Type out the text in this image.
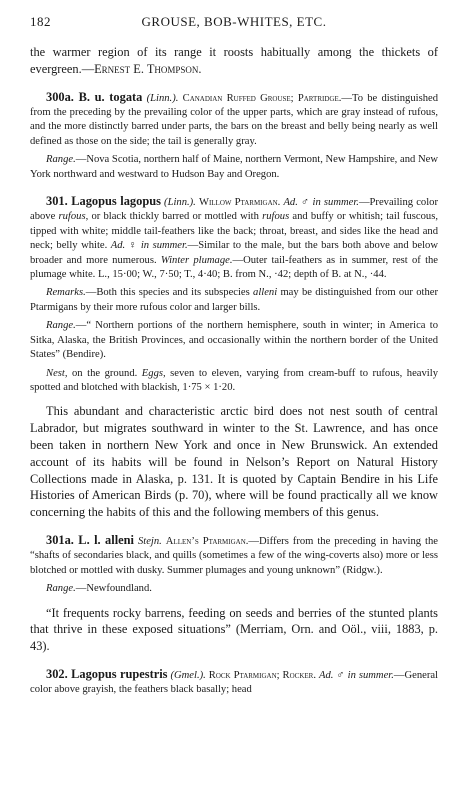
182	GROUSE, BOB-WHITES, ETC.

the warmer region of its range it roosts habitually among the thickets of evergreen.—Ernest E. Thompson.

300a. B. u. togata (Linn.). Canadian Ruffed Grouse; Partridge.—To be distinguished from the preceding by the prevailing color of the upper parts, which are gray instead of rufous, and the more distinctly barred under parts, the bars on the breast and belly being nearly as well defined as those on the side; the tail is generally gray.

Range.—Nova Scotia, northern half of Maine, northern Vermont, New Hampshire, and New York northward and westward to Hudson Bay and Oregon.

301. Lagopus lagopus (Linn.). Willow Ptarmigan. Ad. ♂ in summer.—Prevailing color above rufous, or black thickly barred or mottled with rufous and buffy or whitish; tail fuscous, tipped with white; middle tail-feathers like the back; throat, breast, and sides like the head and neck; belly white. Ad. ♀ in summer.—Similar to the male, but the bars both above and below broader and more numerous. Winter plumage.—Outer tail-feathers as in summer, rest of the plumage white. L., 15·00; W., 7·50; T., 4·40; B. from N., ·42; depth of B. at N., ·44.

Remarks.—Both this species and its subspecies alleni may be distinguished from our other Ptarmigans by their more rufous color and larger bills.

Range.—“ Northern portions of the northern hemisphere, south in winter; in America to Sitka, Alaska, the British Provinces, and occasionally within the northern border of the United States” (Bendire).

Nest, on the ground. Eggs, seven to eleven, varying from cream-buff to rufous, heavily spotted and blotched with blackish, 1·75 × 1·20.

This abundant and characteristic arctic bird does not nest south of central Labrador, but migrates southward in winter to the St. Lawrence, and has once been taken in northern New York and once in New Brunswick. An extended account of its habits will be found in Nelson’s Report on Natural History Collections made in Alaska, p. 131. It is quoted by Captain Bendire in his Life Histories of American Birds (p. 70), where will be found practically all we know concerning the habits of this and the following members of this genus.

301a. L. l. alleni Stejn. Allen’s Ptarmigan.—Differs from the preceding in having the “shafts of secondaries black, and quills (sometimes a few of the wing-coverts also) more or less blotched or mottled with dusky. Summer plumages and young unknown” (Ridgw.).

Range.—Newfoundland.

“It frequents rocky barrens, feeding on seeds and berries of the stunted plants that thrive in these exposed situations” (Merriam, Orn. and Oöl., viii, 1883, p. 43).

302. Lagopus rupestris (Gmel.). Rock Ptarmigan; Rocker. Ad. ♂ in summer.—General color above grayish, the feathers black basally; head
